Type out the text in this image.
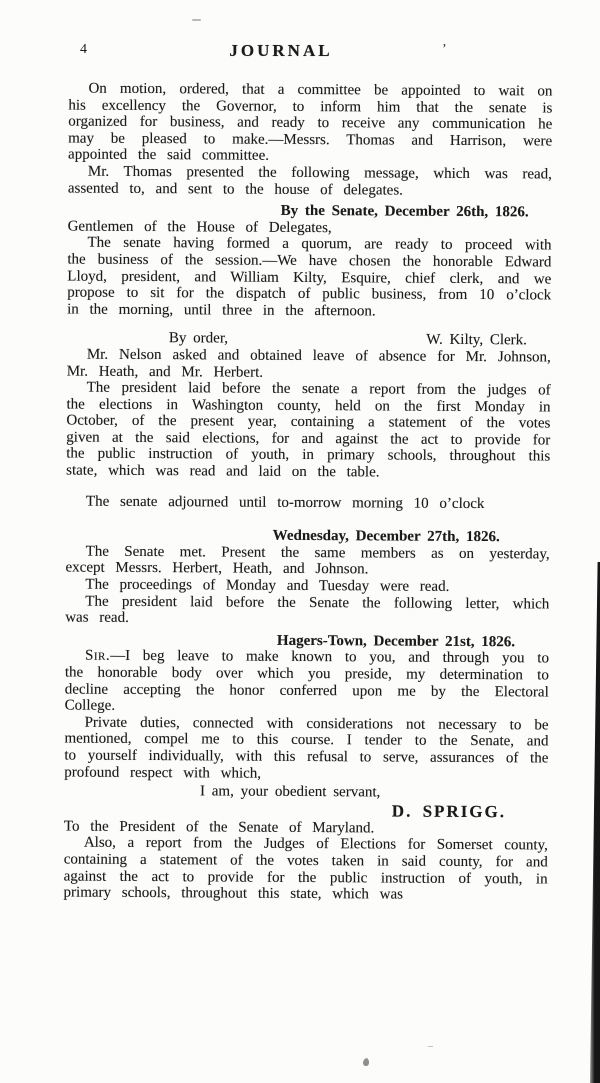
4	JOURNAL	’

On motion, ordered, that a committee be appointed to wait on his excellency the Governor, to inform him that the senate is organized for business, and ready to receive any communication he may be pleased to make.—Messrs. Thomas and Harrison, were appointed the said committee.

Mr. Thomas presented the following message, which was read, assented to, and sent to the house of delegates.

By the Senate, December 26th, 1826.

Gentlemen of the House of Delegates,

The senate having formed a quorum, are ready to proceed with the business of the session.—We have chosen the honorable Edward Lloyd, president, and William Kilty, Esquire, chief clerk, and we propose to sit for the dispatch of public business, from 10 o’clock in the morning, until three in the afternoon.

By order,	W. Kilty, Clerk.

Mr. Nelson asked and obtained leave of absence for Mr. Johnson, Mr. Heath, and Mr. Herbert.

The president laid before the senate a report from the judges of the elections in Washington county, held on the first Monday in October, of the present year, containing a statement of the votes given at the said elections, for and against the act to provide for the public instruction of youth, in primary schools, throughout this state, which was read and laid on the table.

The senate adjourned until to-morrow morning 10 o’clock

Wednesday, December 27th, 1826.

The Senate met. Present the same members as on yesterday, except Messrs. Herbert, Heath, and Johnson.

The proceedings of Monday and Tuesday were read.

The president laid before the Senate the following letter, which was read.

Hagers-Town, December 21st, 1826.

Sir.—I beg leave to make known to you, and through you to the honorable body over which you preside, my determination to decline accepting the honor conferred upon me by the Electoral College.

Private duties, connected with considerations not necessary to be mentioned, compel me to this course. I tender to the Senate, and to yourself individually, with this refusal to serve, assurances of the profound respect with which,

I am, your obedient servant,

D. SPRIGG.

To the President of the Senate of Maryland.

Also, a report from the Judges of Elections for Somerset county, containing a statement of the votes taken in said county, for and against the act to provide for the public instruction of youth, in primary schools, throughout this state, which was
